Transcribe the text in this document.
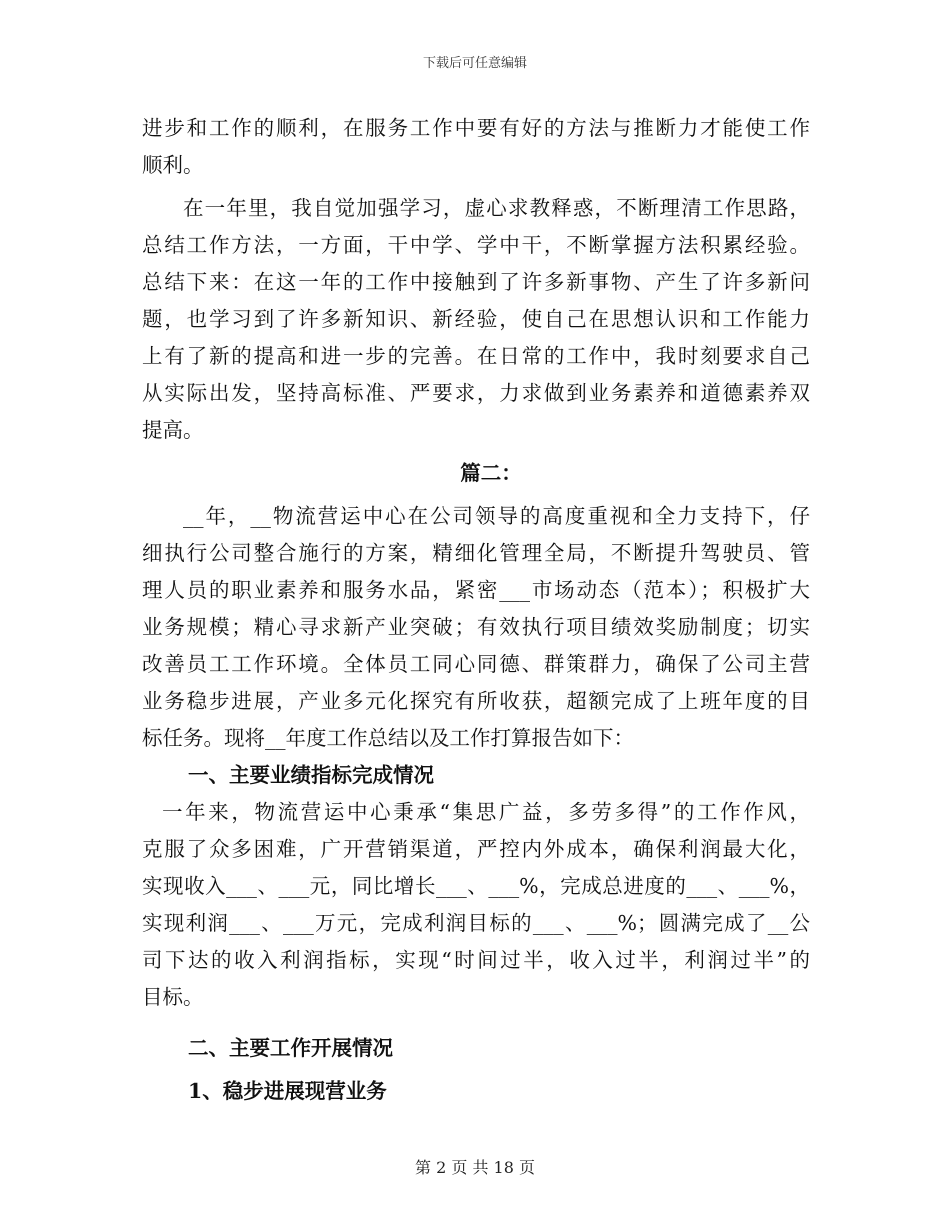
下载后可任意编辑

进步和工作的顺利，在服务工作中要有好的方法与推断力才能使工作
顺利。

在一年里，我自觉加强学习，虚心求教释惑，不断理清工作思路，
总结工作方法，一方面，干中学、学中干，不断掌握方法积累经验。
总结下来：在这一年的工作中接触到了许多新事物、产生了许多新问
题，也学习到了许多新知识、新经验，使自己在思想认识和工作能力
上有了新的提高和进一步的完善。在日常的工作中，我时刻要求自己
从实际出发，坚持高标准、严要求，力求做到业务素养和道德素养双
提高。

篇二：

__年，__物流营运中心在公司领导的高度重视和全力支持下，仔
细执行公司整合施行的方案，精细化管理全局，不断提升驾驶员、管
理人员的职业素养和服务水品，紧密___市场动态（范本）；积极扩大
业务规模；精心寻求新产业突破；有效执行项目绩效奖励制度；切实
改善员工工作环境。全体员工同心同德、群策群力，确保了公司主营
业务稳步进展，产业多元化探究有所收获，超额完成了上班年度的目
标任务。现将__年度工作总结以及工作打算报告如下：

一、主要业绩指标完成情况

一年来，物流营运中心秉承“集思广益，多劳多得”的工作作风，
克服了众多困难，广开营销渠道，严控内外成本，确保利润最大化，
实现收入___、___元，同比增长___、___%，完成总进度的___、___%，
实现利润___、___万元，完成利润目标的___、___%；圆满完成了__公
司下达的收入利润指标，实现“时间过半，收入过半，利润过半”的
目标。

二、主要工作开展情况

1、稳步进展现营业务

第 2 页 共 18 页
